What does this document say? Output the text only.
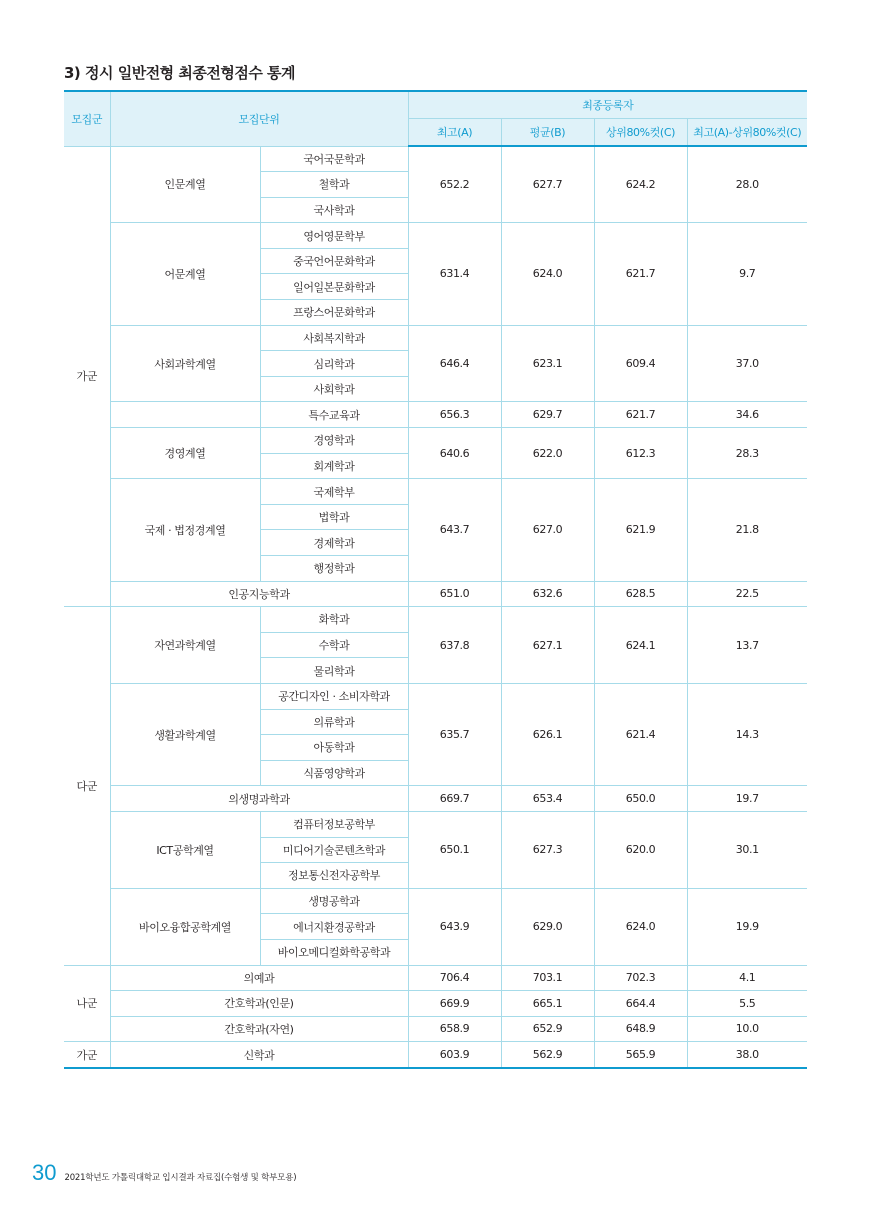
3) 정시 일반전형 최종전형점수 통계
모집군	모집단위		최종등록자			
			최고(A)	평균(B)	상위80%컷(C)	최고(A)-상위80%컷(C)
가군	인문계열	국어국문학과	652.2	627.7	624.2	28.0
		철학과				
		국사학과				
	어문계열	영어영문학부	631.4	624.0	621.7	9.7
		중국언어문화학과				
		일어일본문화학과				
		프랑스어문화학과				
	사회과학계열	사회복지학과	646.4	623.1	609.4	37.0
		심리학과				
		사회학과				
		특수교육과	656.3	629.7	621.7	34.6
	경영계열	경영학과	640.6	622.0	612.3	28.3
		회계학과				
	국제 · 법정경계열	국제학부	643.7	627.0	621.9	21.8
		법학과				
		경제학과				
		행정학과				
	인공지능학과		651.0	632.6	628.5	22.5
다군	자연과학계열	화학과	637.8	627.1	624.1	13.7
		수학과				
		물리학과				
	생활과학계열	공간디자인 · 소비자학과	635.7	626.1	621.4	14.3
		의류학과				
		아동학과				
		식품영양학과				
	의생명과학과		669.7	653.4	650.0	19.7
	ICT공학계열	컴퓨터정보공학부	650.1	627.3	620.0	30.1
		미디어기술콘텐츠학과				
		정보통신전자공학부				
	바이오융합공학계열	생명공학과	643.9	629.0	624.0	19.9
		에너지환경공학과				
		바이오메디컬화학공학과				
나군	의예과		706.4	703.1	702.3	4.1
	간호학과(인문)		669.9	665.1	664.4	5.5
	간호학과(자연)		658.9	652.9	648.9	10.0
가군	신학과		603.9	562.9	565.9	38.0
30 2021학년도 가톨릭대학교 입시결과 자료집(수험생 및 학부모용)
